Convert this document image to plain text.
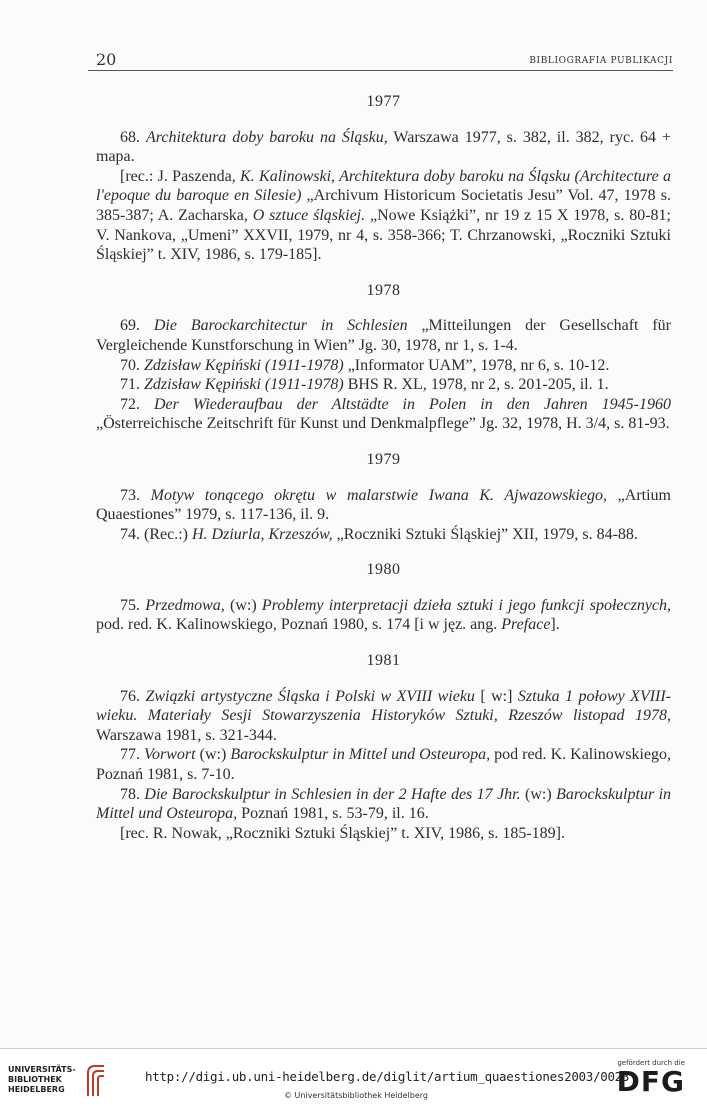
20	BIBLIOGRAFIA PUBLIKACJI

1977

68. Architektura doby baroku na Śląsku, Warszawa 1977, s. 382, il. 382, ryc. 64 + mapa.

[rec.: J. Paszenda, K. Kalinowski, Architektura doby baroku na Śląsku (Architecture a l'epoque du baroque en Silesie) „Archivum Historicum Societatis Jesu” Vol. 47, 1978 s. 385-387; A. Zacharska, O sztuce śląskiej. „Nowe Książki”, nr 19 z 15 X 1978, s. 80-81; V. Nankova, „Umeni” XXVII, 1979, nr 4, s. 358-366; T. Chrzanowski, „Roczniki Sztuki Śląskiej” t. XIV, 1986, s. 179-185].

1978

69. Die Barockarchitectur in Schlesien „Mitteilungen der Gesellschaft für Vergleichende Kunstforschung in Wien” Jg. 30, 1978, nr 1, s. 1-4.

70. Zdzisław Kępiński (1911-1978) „Informator UAM”, 1978, nr 6, s. 10-12.

71. Zdzisław Kępiński (1911-1978) BHS R. XL, 1978, nr 2, s. 201-205, il. 1.

72. Der Wiederaufbau der Altstädte in Polen in den Jahren 1945-1960 „Österreichische Zeitschrift für Kunst und Denkmalpflege” Jg. 32, 1978, H. 3/4, s. 81-93.

1979

73. Motyw tonącego okrętu w malarstwie Iwana K. Ajwazowskiego, „Artium Quaestiones” 1979, s. 117-136, il. 9.

74. (Rec.:) H. Dziurla, Krzeszów, „Roczniki Sztuki Śląskiej” XII, 1979, s. 84-88.

1980

75. Przedmowa, (w:) Problemy interpretacji dzieła sztuki i jego funkcji społecznych, pod. red. K. Kalinowskiego, Poznań 1980, s. 174 [i w jęz. ang. Preface].

1981

76. Związki artystyczne Śląska i Polski w XVIII wieku [ w:] Sztuka 1 połowy XVIII-wieku. Materiały Sesji Stowarzyszenia Historyków Sztuki, Rzeszów listopad 1978, Warszawa 1981, s. 321-344.

77. Vorwort (w:) Barockskulptur in Mittel und Osteuropa, pod red. K. Kalinowskiego, Poznań 1981, s. 7-10.

78. Die Barockskulptur in Schlesien in der 2 Hafte des 17 Jhr. (w:) Barockskulptur in Mittel und Osteuropa, Poznań 1981, s. 53-79, il. 16.

[rec. R. Nowak, „Roczniki Sztuki Śląskiej” t. XIV, 1986, s. 185-189].

UNIVERSITÄTS-
BIBLIOTHEK
HEIDELBERG
http://digi.ub.uni-heidelberg.de/diglit/artium_quaestiones2003/0023
© Universitätsbibliothek Heidelberg
gefördert durch die
DFG
